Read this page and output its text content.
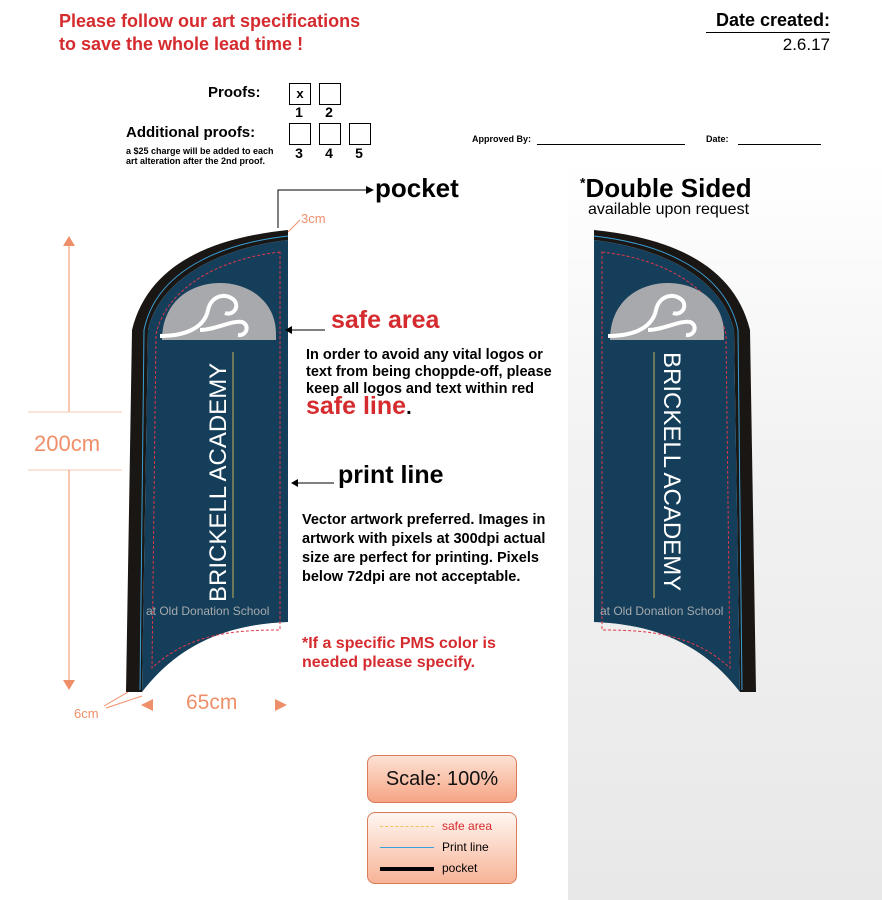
Please follow our art specifications
to save the whole lead time !
Date created:
2.6.17
Proofs:	x
1	2
Additional proofs:
a $25 charge will be added to each art alteration after the 2nd proof.	3	4	5
Approved By:	Date:
BRICKELL ACADEMY
at Old Donation School
BRICKELL ACADEMY
at Old Donation School
pocket
3cm
safe area
In order to avoid any vital logos or text from being choppde-off, please keep all logos and text within red safe line.
print line
Vector artwork preferred. Images in artwork with pixels at 300dpi actual size are perfect for printing. Pixels below 72dpi are not acceptable.
*If a specific PMS color is needed please specify.
200cm
65cm
6cm
*Double Sided
available upon request
Scale: 100%
safe area
Print line
pocket
